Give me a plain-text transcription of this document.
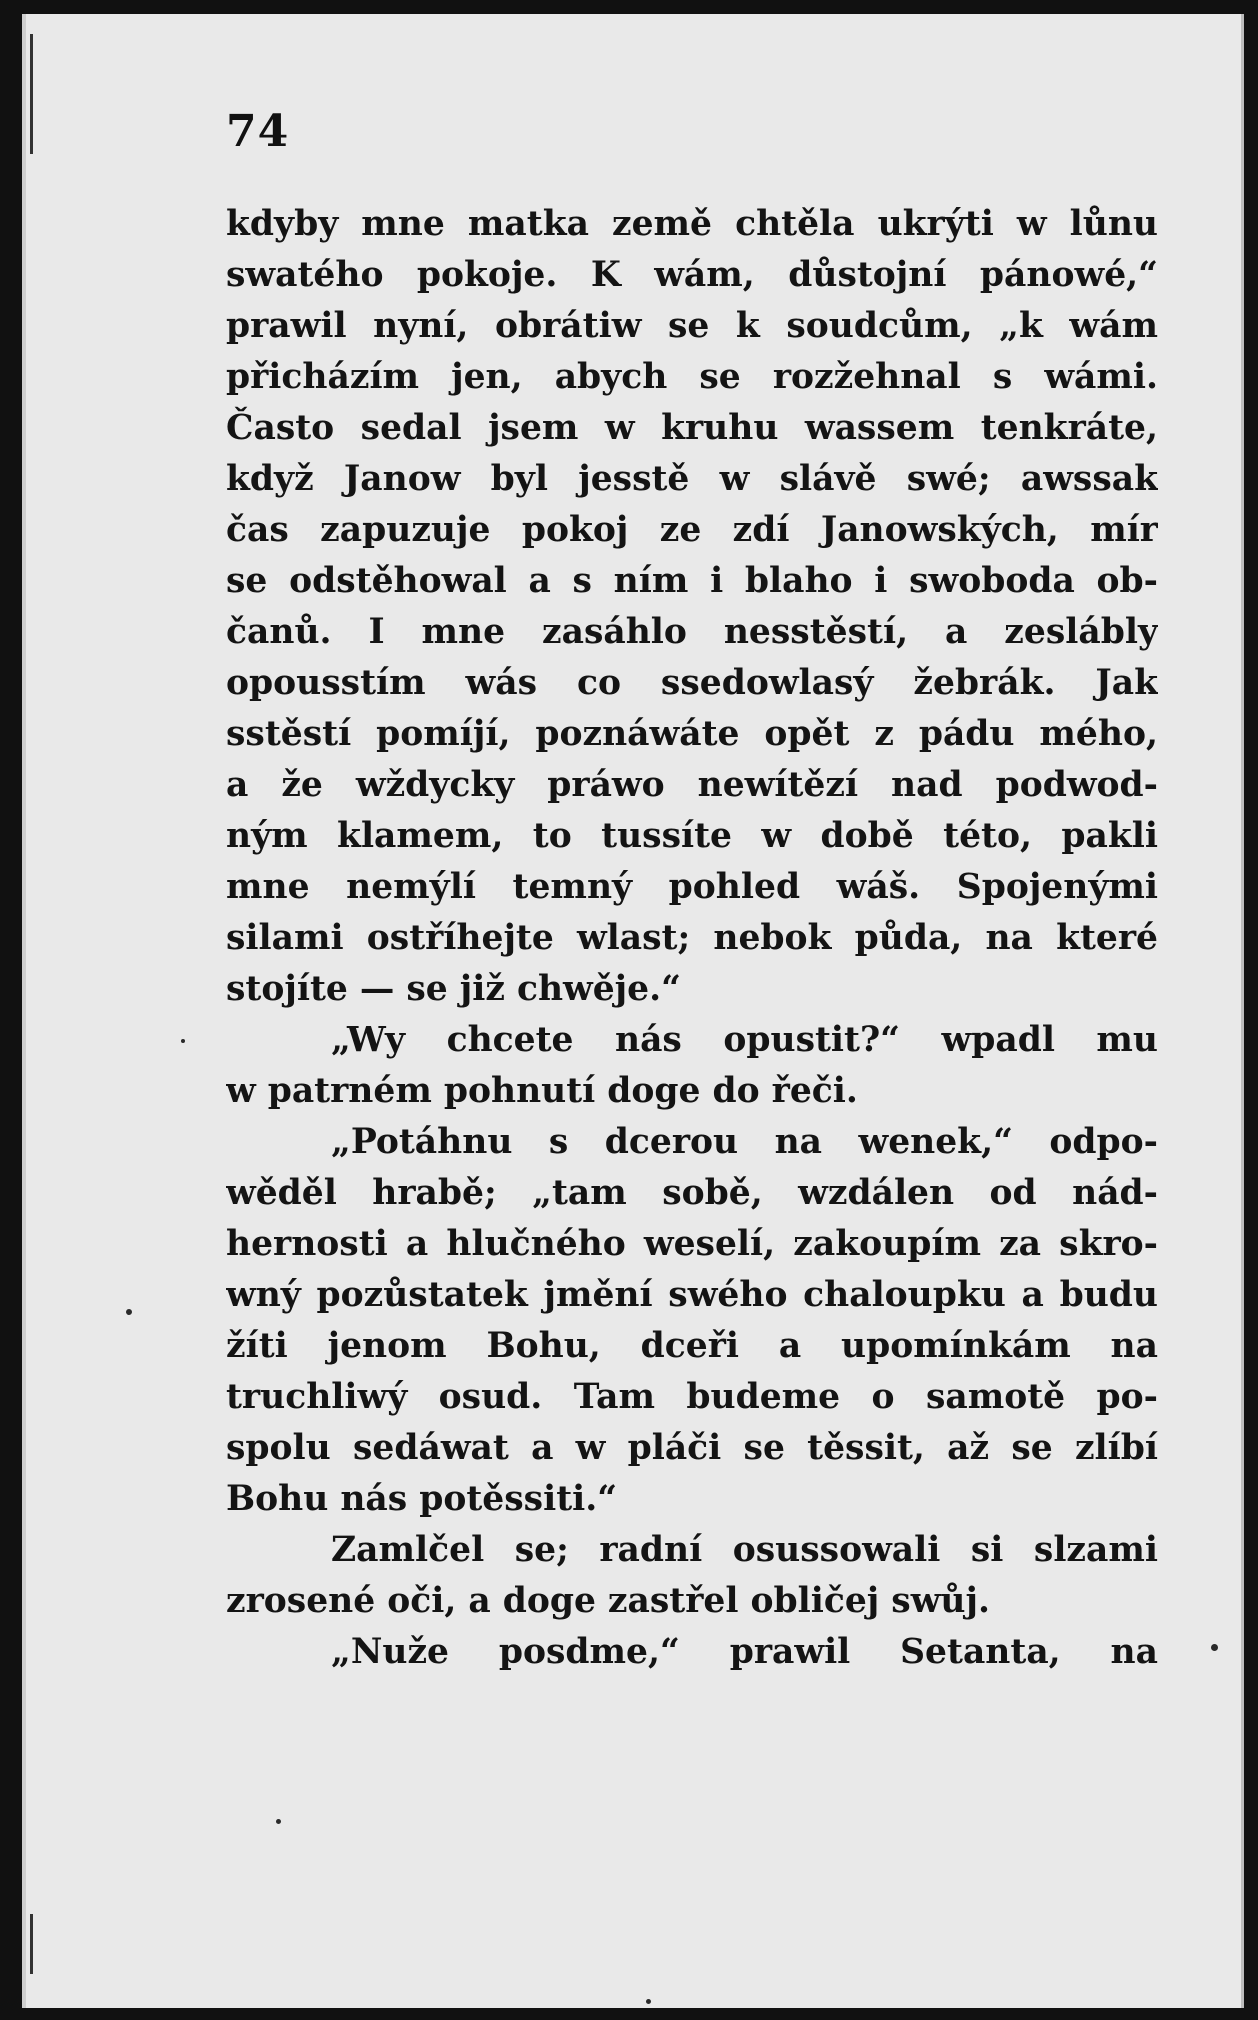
74
kdyby mne matka země chtěla ukrýti w lůnu
swatého pokoje. K wám, důstojní pánowé,“
prawil nyní, obrátiw se k soudcům, „k wám
přicházím jen, abych se rozžehnal s wámi.
Často sedal jsem w kruhu wassem tenkráte,
když Janow byl jesstě w slávě swé; awssak
čas zapuzuje pokoj ze zdí Janowských, mír
se odstěhowal a s ním i blaho i swoboda ob-
čanů. I mne zasáhlo nesstěstí, a zeslábly
opousstím wás co ssedowlasý žebrák. Jak
sstěstí pomíjí, poznáwáte opět z pádu mého,
a že wždycky práwo newítězí nad podwod-
ným klamem, to tussíte w době této, pakli
mne nemýlí temný pohled wáš. Spojenými
silami ostříhejte wlast; nebok půda, na které
stojíte — se již chwěje.“
„Wy chcete nás opustit?“ wpadl mu
w patrném pohnutí doge do řeči.
„Potáhnu s dcerou na wenek,“ odpo-
wěděl hrabě; „tam sobě, wzdálen od nád-
hernosti a hlučného weselí, zakoupím za skro-
wný pozůstatek jmění swého chaloupku a budu
žíti jenom Bohu, dceři a upomínkám na
truchliwý osud. Tam budeme o samotě po-
spolu sedáwat a w pláči se těssit, až se zlíbí
Bohu nás potěssiti.“
Zamlčel se; radní osussowali si slzami
zrosené oči, a doge zastřel obličej swůj.
„Nuže posdme,“ prawil Setanta, na
